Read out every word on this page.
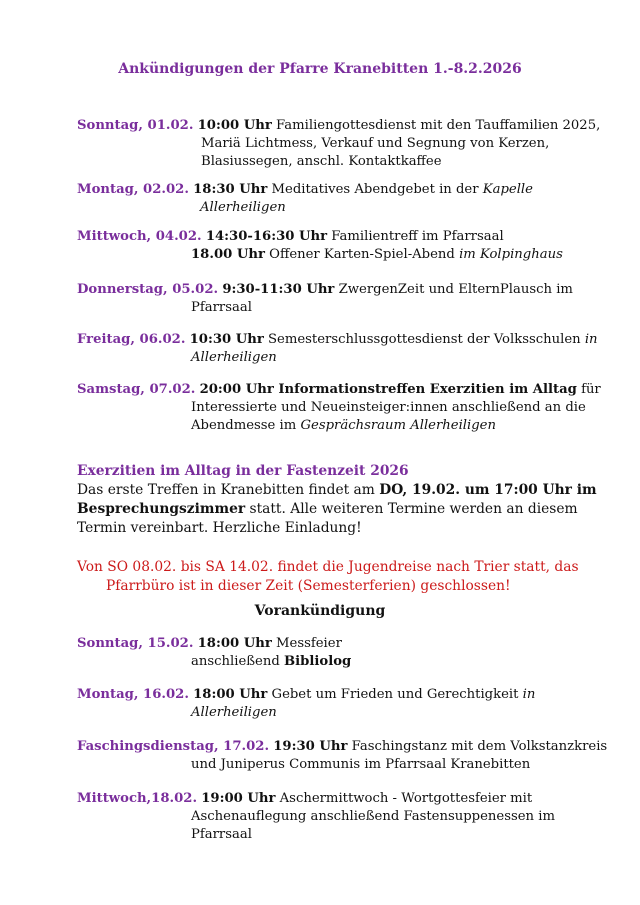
Ankündigungen der Pfarre Kranebitten 1.-8.2.2026
Sonntag, 01.02. 10:00 Uhr Familiengottesdienst mit den Tauffamilien 2025,
Mariä Lichtmess, Verkauf und Segnung von Kerzen,
Blasiussegen, anschl. Kontaktkaffee
Montag, 02.02. 18:30 Uhr Meditatives Abendgebet in der Kapelle
Allerheiligen
Mittwoch, 04.02. 14:30-16:30 Uhr Familientreff im Pfarrsaal
18.00 Uhr Offener Karten-Spiel-Abend im Kolpinghaus
Donnerstag, 05.02. 9:30-11:30 Uhr ZwergenZeit und ElternPlausch im
Pfarrsaal
Freitag, 06.02. 10:30 Uhr Semesterschlussgottesdienst der Volksschulen in
Allerheiligen
Samstag, 07.02. 20:00 Uhr Informationstreffen Exerzitien im Alltag für
Interessierte und Neueinsteiger:innen anschließend an die
Abendmesse im Gesprächsraum Allerheiligen
Exerzitien im Alltag in der Fastenzeit 2026
Das erste Treffen in Kranebitten findet am DO, 19.02. um 17:00 Uhr im
Besprechungszimmer statt. Alle weiteren Termine werden an diesem
Termin vereinbart. Herzliche Einladung!
Von SO 08.02. bis SA 14.02. findet die Jugendreise nach Trier statt, das
Pfarrbüro ist in dieser Zeit (Semesterferien) geschlossen!
Vorankündigung
Sonntag, 15.02. 18:00 Uhr Messfeier
anschließend Bibliolog
Montag, 16.02. 18:00 Uhr Gebet um Frieden und Gerechtigkeit in
Allerheiligen
Faschingsdienstag, 17.02. 19:30 Uhr Faschingstanz mit dem Volkstanzkreis
und Juniperus Communis im Pfarrsaal Kranebitten
Mittwoch,18.02. 19:00 Uhr Aschermittwoch - Wortgottesfeier mit
Aschenauflegung anschließend Fastensuppenessen im
Pfarrsaal
